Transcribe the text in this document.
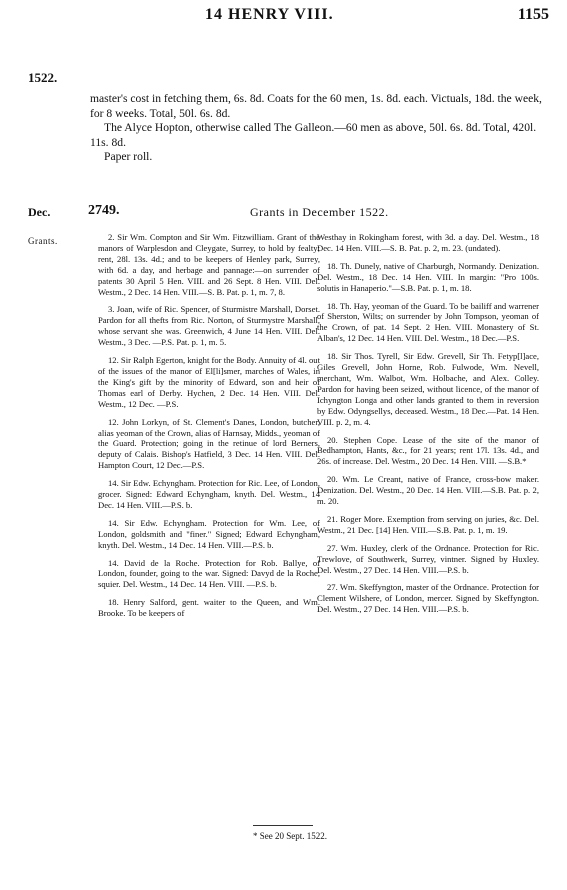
14 HENRY VIII.	1155
1522.

master's cost in fetching them, 6s. 8d. Coats for the 60 men, 1s. 8d. each. Victuals, 18d. the week, for 8 weeks. Total, 50l. 6s. 8d.

The Alyce Hopton, otherwise called The Galleon.—60 men as above, 50l. 6s. 8d. Total, 420l. 11s. 8d.

Paper roll.

Dec.	2749.	Grants in December 1522.
Grants.	2. Sir Wm. Compton and Sir Wm. Fitzwilliam. Grant of the manors of Warplesdon and Cleygate, Surrey, to hold by fealty; rent, 28l. 13s. 4d.; and to be keepers of Henley park, Surrey, with 6d. a day, and herbage and pannage:—on surrender of patents 30 April 5 Hen. VIII. and 26 Sept. 8 Hen. VIII. Del. Westm., 2 Dec. 14 Hen. VIII.—S. B. Pat. p. 1, m. 7, 8.

3. Joan, wife of Ric. Spencer, of Sturmistre Marshall, Dorset. Pardon for all thefts from Ric. Norton, of Sturmystre Marshall, whose servant she was. Greenwich, 4 June 14 Hen. VIII. Del. Westm., 3 Dec. —P.S. Pat. p. 1, m. 5.

12. Sir Ralph Egerton, knight for the Body. Annuity of 4l. out of the issues of the manor of El[li]smer, marches of Wales, in the King's gift by the minority of Edward, son and heir of Thomas earl of Derby. Hychen, 2 Dec. 14 Hen. VIII. Del. Westm., 12 Dec. —P.S.

12. John Lorkyn, of St. Clement's Danes, London, butcher, alias yeoman of the Crown, alias of Harnsay, Midds., yeoman of the Guard. Protection; going in the retinue of lord Berners, deputy of Calais. Bishop's Hatfield, 3 Dec. 14 Hen. VIII. Del. Hampton Court, 12 Dec.—P.S.

14. Sir Edw. Echyngham. Protection for Ric. Lee, of London, grocer. Signed: Edward Echyngham, knyth. Del. Westm., 14 Dec. 14 Hen. VIII.—P.S. b.

14. Sir Edw. Echyngham. Protection for Wm. Lee, of London, goldsmith and "finer." Signed; Edward Echyngham, knyth. Del. Westm., 14 Dec. 14 Hen. VIII.—P.S. b.

14. David de la Roche. Protection for Rob. Ballye, of London, founder, going to the war. Signed: Davyd de la Roche, squier. Del. Westm., 14 Dec. 14 Hen. VIII. —P.S. b.

18. Henry Salford, gent. waiter to the Queen, and Wm. Brooke. To be keepers of

Westhay in Rokingham forest, with 3d. a day. Del. Westm., 18 Dec. 14 Hen. VIII.—S. B. Pat. p. 2, m. 23. (undated).

18. Th. Dunely, native of Charburgh, Normandy. Denization. Del. Westm., 18 Dec. 14 Hen. VIII. In margin: "Pro 100s. solutis in Hanaperio."—S.B. Pat. p. 1, m. 18.

18. Th. Hay, yeoman of the Guard. To be bailiff and warrener of Sherston, Wilts; on surrender by John Tompson, yeoman of the Crown, of pat. 14 Sept. 2 Hen. VIII. Monastery of St. Alban's, 12 Dec. 14 Hen. VIII. Del. Westm., 18 Dec.—P.S.

18. Sir Thos. Tyrell, Sir Edw. Grevell, Sir Th. Fetyp[l]ace, Giles Grevell, John Horne, Rob. Fulwode, Wm. Nevell, merchant, Wm. Walbot, Wm. Holbache, and Alex. Colley. Pardon for having been seized, without licence, of the manor of Ichyngton Longa and other lands granted to them in reversion by Edw. Odyngsellys, deceased. Westm., 18 Dec.—Pat. 14 Hen. VIII. p. 2, m. 4.

20. Stephen Cope. Lease of the site of the manor of Bedhampton, Hants, &c., for 21 years; rent 17l. 13s. 4d., and 26s. of increase. Del. Westm., 20 Dec. 14 Hen. VIII. —S.B.*

20. Wm. Le Creant, native of France, cross-bow maker. Denization. Del. Westm., 20 Dec. 14 Hen. VIII.—S.B. Pat. p. 2, m. 20.

21. Roger More. Exemption from serving on juries, &c. Del. Westm., 21 Dec. [14] Hen. VIII.—S.B. Pat. p. 1, m. 19.

27. Wm. Huxley, clerk of the Ordnance. Protection for Ric. Trewlove, of Southwerk, Surrey, vintner. Signed by Huxley. Del. Westm., 27 Dec. 14 Hen. VIII.—P.S. b.

27. Wm. Skeffyngton, master of the Ordnance. Protection for Clement Wilshere, of London, mercer. Signed by Skeffyngton. Del. Westm., 27 Dec. 14 Hen. VIII.—P.S. b.

* See 20 Sept. 1522.
